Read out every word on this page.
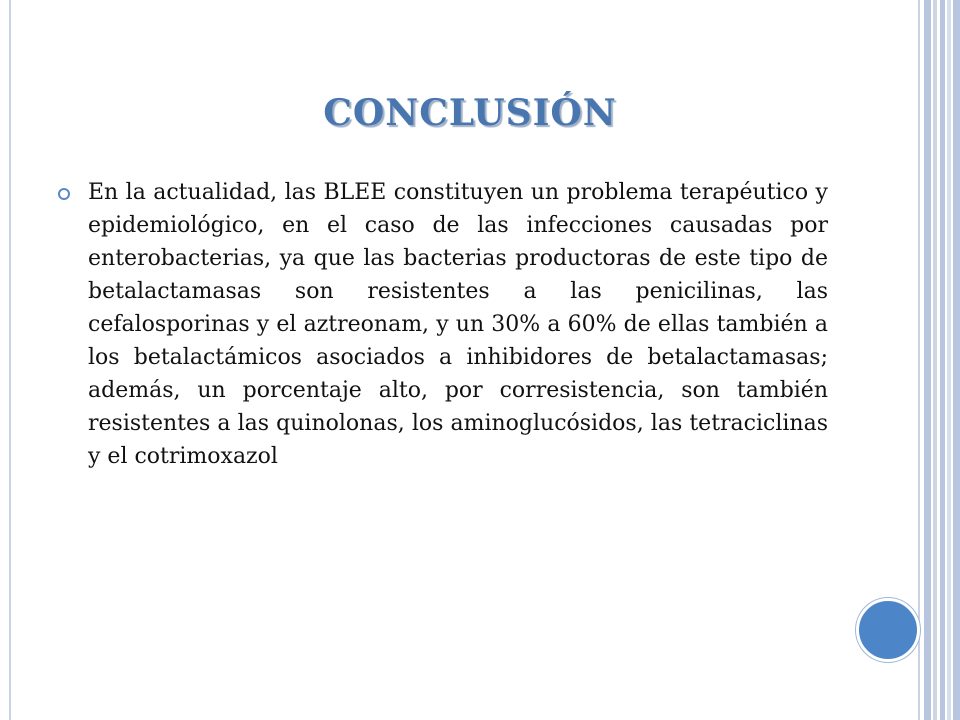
CONCLUSIÓN

En la actualidad, las BLEE constituyen un problema terapéutico y epidemiológico, en el caso de las infecciones causadas por enterobacterias, ya que las bacterias productoras de este tipo de betalactamasas son resistentes a las penicilinas, las cefalosporinas y el aztreonam, y un 30% a 60% de ellas también a los betalactámicos asociados a inhibidores de betalactamasas; además, un porcentaje alto, por corresistencia, son también resistentes a las quinolonas, los aminoglucósidos, las tetraciclinas y el cotrimoxazol
